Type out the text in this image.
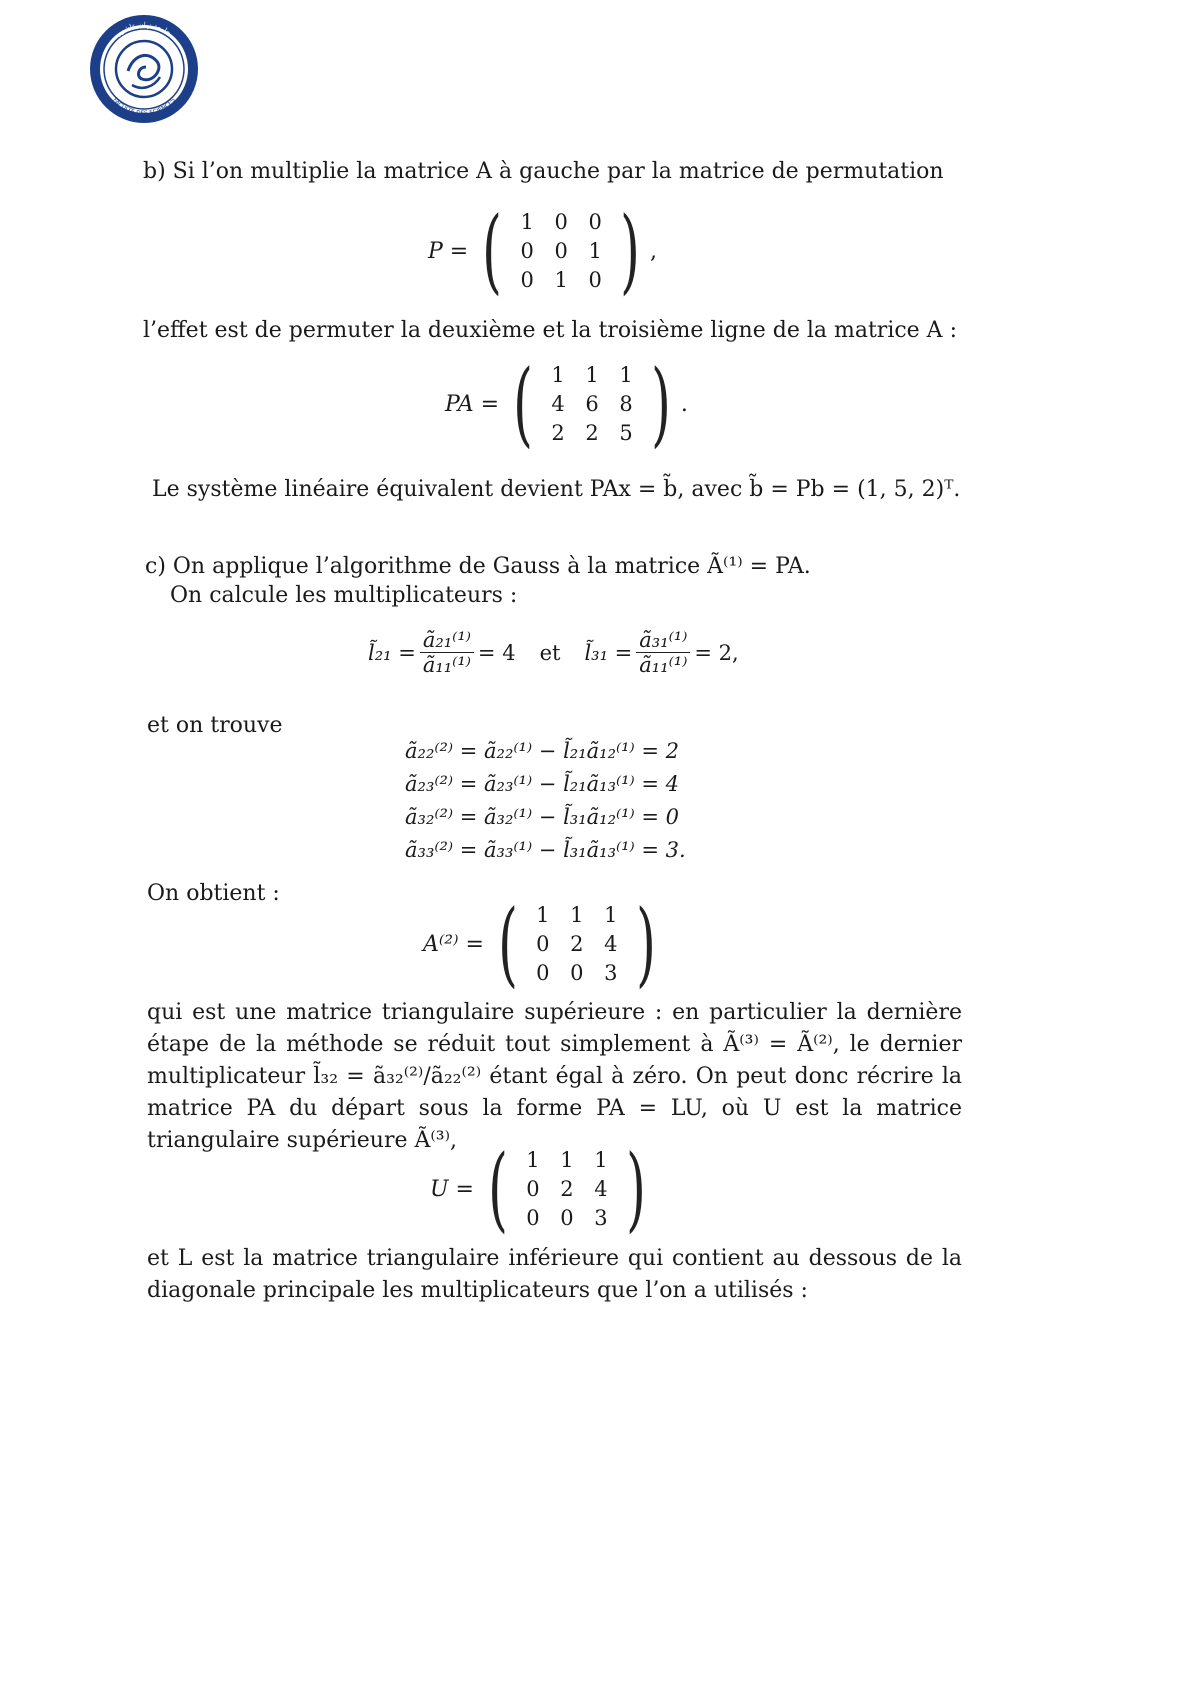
جامعة زيان عاشور
FACULTÉ DES SCIENCES
b) Si l’on multiplie la matrice A à gauche par la matrice de permutation
P = ( 1 0 0
0 0 1
0 1 0 ) ,
l’effet est de permuter la deuxième et la troisième ligne de la matrice A :
PA = ( 1 1 1
4 6 8
2 2 5 ) .
Le système linéaire équivalent devient PAx = b̃, avec b̃ = Pb = (1, 5, 2)ᵀ.
c) On applique l’algorithme de Gauss à la matrice Ã⁽¹⁾ = PA.
On calcule les multiplicateurs :
l̃₂₁ = $\frac{\text{ã₂₁⁽¹⁾}}{\text{ã₁₁⁽¹⁾}} = 4$ et l̃₃₁ = $\frac{\text{ã₃₁⁽¹⁾}}{\text{ã₁₁⁽¹⁾}} = 2$,
et on trouve
ã₂₂⁽²⁾ = ã₂₂⁽¹⁾ − l̃₂₁ã₁₂⁽¹⁾ = 2
ã₂₃⁽²⁾ = ã₂₃⁽¹⁾ − l̃₂₁ã₁₃⁽¹⁾ = 4
ã₃₂⁽²⁾ = ã₃₂⁽¹⁾ − l̃₃₁ã₁₂⁽¹⁾ = 0
ã₃₃⁽²⁾ = ã₃₃⁽¹⁾ − l̃₃₁ã₁₃⁽¹⁾ = 3.
On obtient :
A⁽²⁾ = ( 1 1 1
0 2 4
0 0 3 )
qui est une matrice triangulaire supérieure : en particulier la dernière étape de la méthode se réduit tout simplement à Ã⁽³⁾ = Ã⁽²⁾, le dernier multiplicateur l̃₃₂ = ã₃₂⁽²⁾/ã₂₂⁽²⁾ étant égal à zéro. On peut donc récrire la matrice PA du départ sous la forme PA = LU, où U est la matrice triangulaire supérieure Ã⁽³⁾,
U = ( 1 1 1
0 2 4
0 0 3 )
et L est la matrice triangulaire inférieure qui contient au dessous de la diagonale principale les multiplicateurs que l’on a utilisés :
